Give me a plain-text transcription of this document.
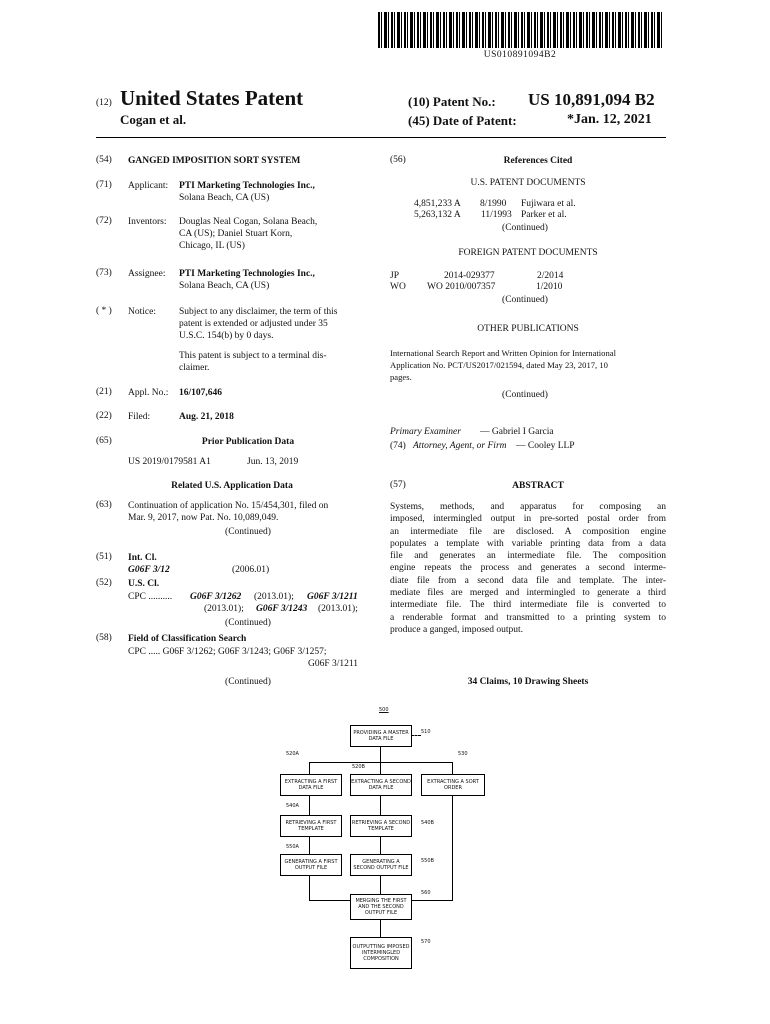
US010891094B2
(12) United States Patent
Cogan et al.
(10) Patent No.: US 10,891,094 B2
(45) Date of Patent:	*Jan. 12, 2021
(54) GANGED IMPOSITION SORT SYSTEM
(71) Applicant: PTI Marketing Technologies Inc.,
Solana Beach, CA (US)
(72) Inventors: Douglas Neal Cogan, Solana Beach,
CA (US); Daniel Stuart Korn,
Chicago, IL (US)
(73) Assignee: PTI Marketing Technologies Inc.,
Solana Beach, CA (US)
( * ) Notice: Subject to any disclaimer, the term of this
patent is extended or adjusted under 35
U.S.C. 154(b) by 0 days.
This patent is subject to a terminal dis-
claimer.
(21) Appl. No.: 16/107,646
(22) Filed:	Aug. 21, 2018
(65)	Prior Publication Data
US 2019/0179581 A1	Jun. 13, 2019
Related U.S. Application Data
(63) Continuation of application No. 15/454,301, filed on
Mar. 9, 2017, now Pat. No. 10,089,049.
(Continued)
(51) Int. Cl.
G06F 3/12	(2006.01)
(52) U.S. Cl.
CPC .......... G06F 3/1262 (2013.01); G06F 3/1211
(2013.01); G06F 3/1243 (2013.01);
(Continued)
(58) Field of Classification Search
CPC ..... G06F 3/1262; G06F 3/1243; G06F 3/1257;
G06F 3/1211
(Continued)
(56)	References Cited
U.S. PATENT DOCUMENTS
4,851,233 A 8/1990 Fujiwara et al.
5,263,132 A 11/1993 Parker et al.
(Continued)
FOREIGN PATENT DOCUMENTS
JP	2014-029377	2/2014
WO WO 2010/007357	1/2010
(Continued)
OTHER PUBLICATIONS
International Search Report and Written Opinion for International
Application No. PCT/US2017/021594, dated May 23, 2017, 10
pages.
(Continued)
Primary Examiner — Gabriel I Garcia
(74) Attorney, Agent, or Firm — Cooley LLP
(57)	ABSTRACT
Systems, methods, and apparatus for composing an
imposed, intermingled output in pre-sorted postal order from
an intermediate file are disclosed. A composition engine
populates a template with variable printing data from a data
file and generates an intermediate file. The composition
engine repeats the process and generates a second interme-
diate file from a second data file and template. The inter-
mediate files are merged and intermingled to generate a third
intermediate file. The third intermediate file is converted to
a renderable format and transmitted to a printing system to
produce a ganged, imposed output.
34 Claims, 10 Drawing Sheets
500
PROVIDING A MASTER DATA FILE
510
520A
520B
530
EXTRACTING A FIRST DATA FILE
EXTRACTING A SECOND DATA FILE
EXTRACTING A SORT ORDER
540A
RETRIEVING A FIRST TEMPLATE
RETRIEVING A SECOND TEMPLATE
540B
550A
GENERATING A FIRST OUTPUT FILE
GENERATING A SECOND OUTPUT FILE
550B
MERGING THE FIRST AND THE SECOND OUTPUT FILE
560
OUTPUTTING IMPOSED INTERMINGLED COMPOSITION
570
